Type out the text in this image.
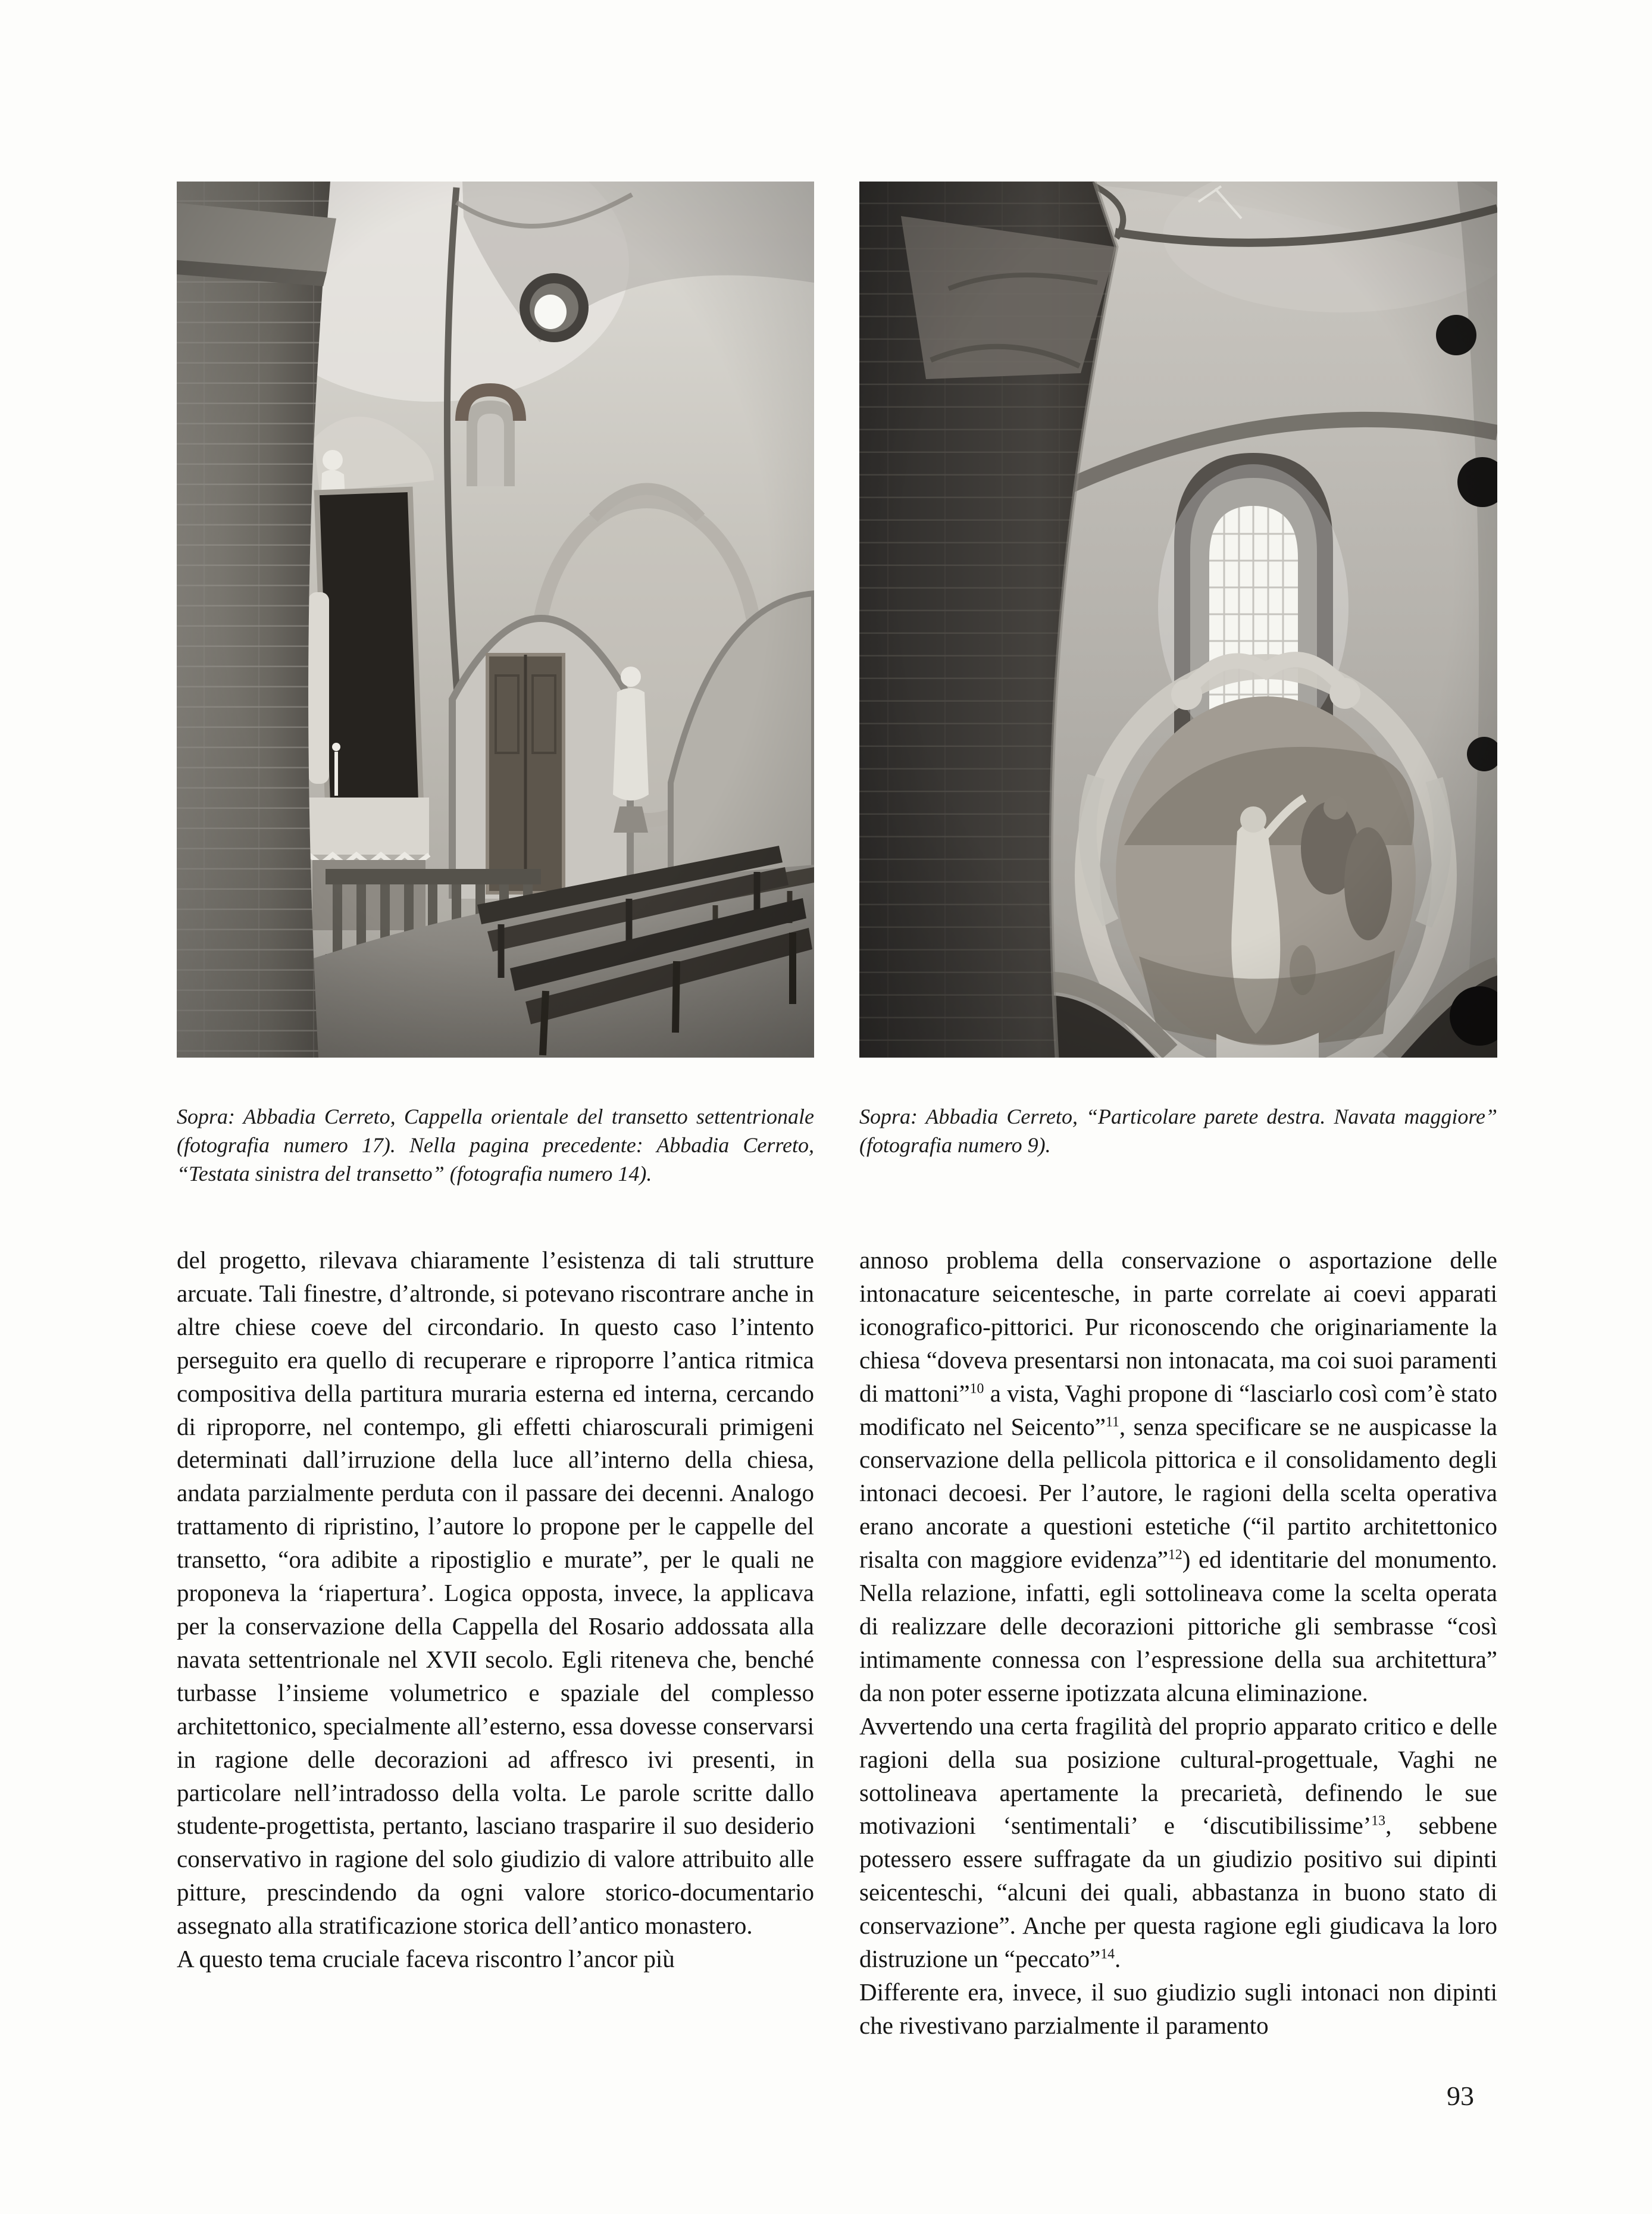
Sopra: Abbadia Cerreto, Cappella orientale del transetto settentrionale (fotografia numero 17). Nella pagina precedente: Abbadia Cerreto, “Testata sinistra del transetto” (fotografia numero 14).

Sopra: Abbadia Cerreto, “Particolare parete destra. Navata maggiore” (fotografia numero 9).

del progetto, rilevava chiaramente l’esistenza di tali strutture arcuate. Tali finestre, d’altronde, si potevano riscontrare anche in altre chiese coeve del circondario. In questo caso l’intento perseguito era quello di recuperare e riproporre l’antica ritmica compositiva della partitura muraria esterna ed interna, cercando di riproporre, nel contempo, gli effetti chiaroscurali primigeni determinati dall’irruzione della luce all’interno della chiesa, andata parzialmente perduta con il passare dei decenni. Analogo trattamento di ripristino, l’autore lo propone per le cappelle del transetto, “ora adibite a ripostiglio e murate”, per le quali ne proponeva la ‘riapertura’. Logica opposta, invece, la applicava per la conservazione della Cappella del Rosario addossata alla navata settentrionale nel XVII secolo. Egli riteneva che, benché turbasse l’insieme volumetrico e spaziale del complesso architettonico, specialmente all’esterno, essa dovesse conservarsi in ragione delle decorazioni ad affresco ivi presenti, in particolare nell’intradosso della volta. Le parole scritte dallo studente-progettista, pertanto, lasciano trasparire il suo desiderio conservativo in ragione del solo giudizio di valore attribuito alle pitture, prescindendo da ogni valore storico-documentario assegnato alla stratificazione storica dell’antico monastero.

A questo tema cruciale faceva riscontro l’ancor più

annoso problema della conservazione o asportazione delle intonacature seicentesche, in parte correlate ai coevi apparati iconografico-pittorici. Pur riconoscendo che originariamente la chiesa “doveva presentarsi non intonacata, ma coi suoi paramenti di mattoni”$^{10}$ a vista, Vaghi propone di “lasciarlo così com’è stato modificato nel Seicento”$^{11}$, senza specificare se ne auspicasse la conservazione della pellicola pittorica e il consolidamento degli intonaci decoesi. Per l’autore, le ragioni della scelta operativa erano ancorate a questioni estetiche (“il partito architettonico risalta con maggiore evidenza”$^{12}$) ed identitarie del monumento. Nella relazione, infatti, egli sottolineava come la scelta operata di realizzare delle decorazioni pittoriche gli sembrasse “così intimamente connessa con l’espressione della sua architettura” da non poter esserne ipotizzata alcuna eliminazione.

Avvertendo una certa fragilità del proprio apparato critico e delle ragioni della sua posizione cultural-progettuale, Vaghi ne sottolineava apertamente la precarietà, definendo le sue motivazioni ‘sentimentali’ e ‘discutibilissime’$^{13}$, sebbene potessero essere suffragate da un giudizio positivo sui dipinti seicenteschi, “alcuni dei quali, abbastanza in buono stato di conservazione”. Anche per questa ragione egli giudicava la loro distruzione un “peccato”$^{14}$.

Differente era, invece, il suo giudizio sugli intonaci non dipinti che rivestivano parzialmente il paramento

93
